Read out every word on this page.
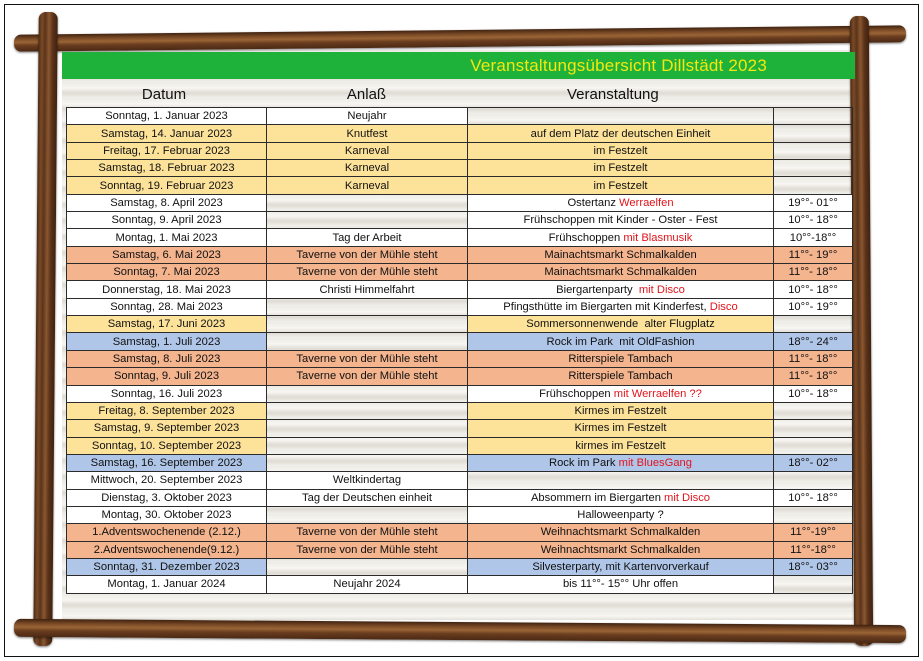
Veranstaltungsübersicht Dillstädt 2023
Datum	Anlaß	Veranstaltung
Sonntag, 1. Januar 2023	Neujahr		
Samstag, 14. Januar 2023	Knutfest	auf dem Platz der deutschen Einheit	
Freitag, 17. Februar 2023	Karneval	im Festzelt	
Samstag, 18. Februar 2023	Karneval	im Festzelt	
Sonntag, 19. Februar 2023	Karneval	im Festzelt	
Samstag, 8. April 2023		Ostertanz Werraelfen	19°°- 01°°
Sonntag, 9. April 2023		Frühschoppen mit Kinder - Oster - Fest	10°°- 18°°
Montag, 1. Mai 2023	Tag der Arbeit	Frühschoppen mit Blasmusik	10°°-18°°
Samstag, 6. Mai 2023	Taverne von der Mühle steht	Mainachtsmarkt Schmalkalden	11°°- 19°°
Sonntag, 7. Mai 2023	Taverne von der Mühle steht	Mainachtsmarkt Schmalkalden	11°°- 18°°
Donnerstag, 18. Mai 2023	Christi Himmelfahrt	Biergartenparty  mit Disco	10°°- 18°°
Sonntag, 28. Mai 2023		Pfingsthütte im Biergarten mit Kinderfest, Disco	10°°- 19°°
Samstag, 17. Juni 2023		Sommersonnenwende  alter Flugplatz	
Samstag, 1. Juli 2023		Rock im Park  mit OldFashion	18°°- 24°°
Samstag, 8. Juli 2023	Taverne von der Mühle steht	Ritterspiele Tambach	11°°- 18°°
Sonntag, 9. Juli 2023	Taverne von der Mühle steht	Ritterspiele Tambach	11°°- 18°°
Sonntag, 16. Juli 2023		Frühschoppen mit Werraelfen ??	10°°- 18°°
Freitag, 8. September 2023		Kirmes im Festzelt	
Samstag, 9. September 2023		Kirmes im Festzelt	
Sonntag, 10. September 2023		kirmes im Festzelt	
Samstag, 16. September 2023		Rock im Park mit BluesGang	18°°- 02°°
Mittwoch, 20. September 2023	Weltkindertag		
Dienstag, 3. Oktober 2023	Tag der Deutschen einheit	Absommern im Biergarten mit Disco	10°°- 18°°
Montag, 30. Oktober 2023		Halloweenparty ?	
1.Adventswochenende (2.12.)	Taverne von der Mühle steht	Weihnachtsmarkt Schmalkalden	11°°-19°°
2.Adventswochenende(9.12.)	Taverne von der Mühle steht	Weihnachtsmarkt Schmalkalden	11°°-18°°
Sonntag, 31. Dezember 2023		Silvesterparty, mit Kartenvorverkauf	18°°- 03°°
Montag, 1. Januar 2024	Neujahr 2024	bis 11°°- 15°° Uhr offen	
